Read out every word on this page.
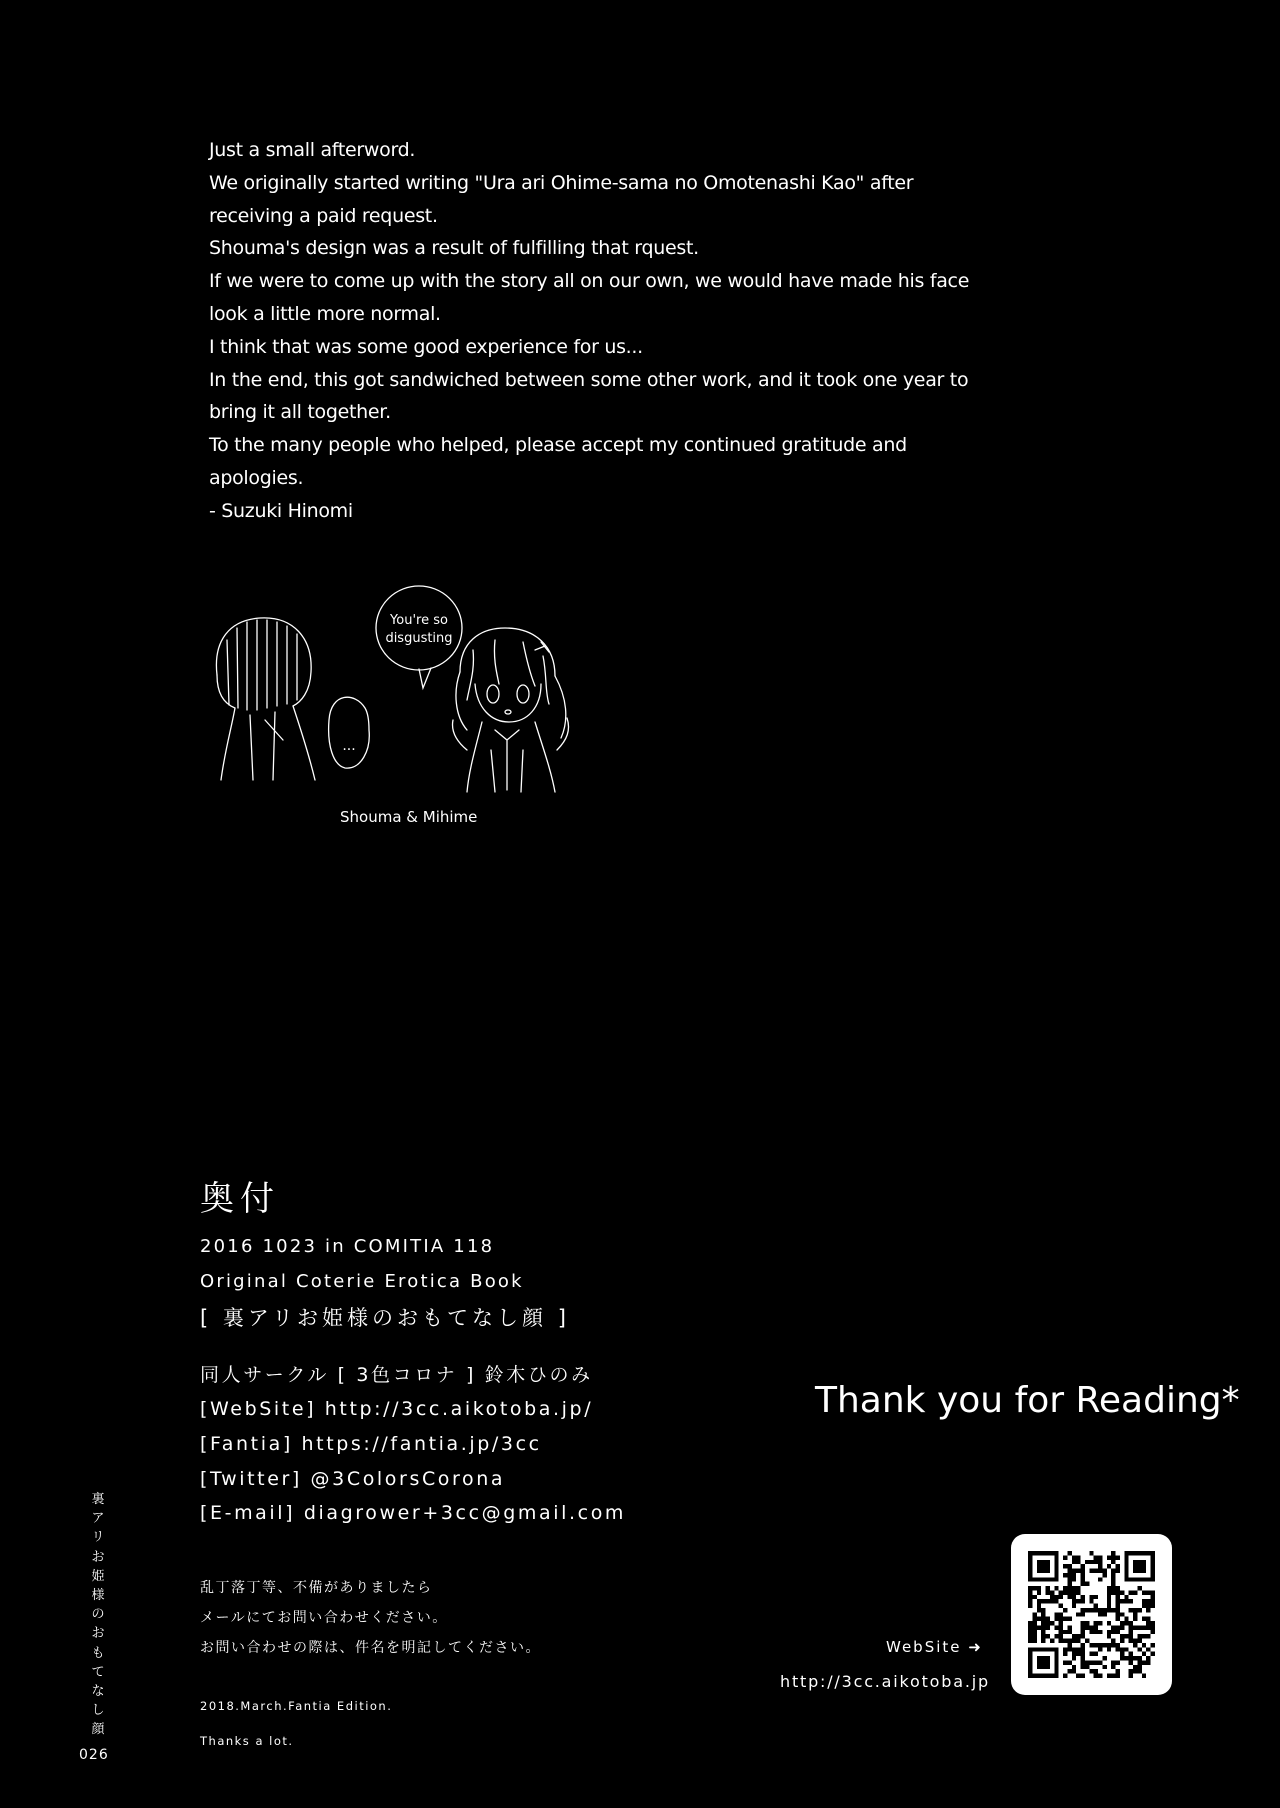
Just a small afterword.
We originally started writing "Ura ari Ohime-sama no Omotenashi Kao" after
receiving a paid request.
Shouma's design was a result of fulfilling that rquest.
If we were to come up with the story all on our own, we would have made his face
look a little more normal.
I think that was some good experience for us...
In the end, this got sandwiched between some other work, and it took one year to
bring it all together.
To the many people who helped, please accept my continued gratitude and
apologies.
- Suzuki Hinomi
You're so
disgusting
...
Shouma & Mihime
奥付
2016 1023 in COMITIA 118
Original Coterie Erotica Book
[ 裏アリお姫様のおもてなし顔 ]
同人サークル [ 3色コロナ ] 鈴木ひのみ
[WebSite] http://3cc.aikotoba.jp/
[Fantia] https://fantia.jp/3cc
[Twitter] @3ColorsCorona
[E-mail] diagrower+3cc@gmail.com
乱丁落丁等、不備がありましたら
メールにてお問い合わせください。
お問い合わせの際は、件名を明記してください。
2018.March.Fantia Edition.
Thanks a lot.
Thank you for Reading*
WebSite ➜
http://3cc.aikotoba.jp
裏
ア
リ
お
姫
様
の
お
も
て
な
し
顔
026
